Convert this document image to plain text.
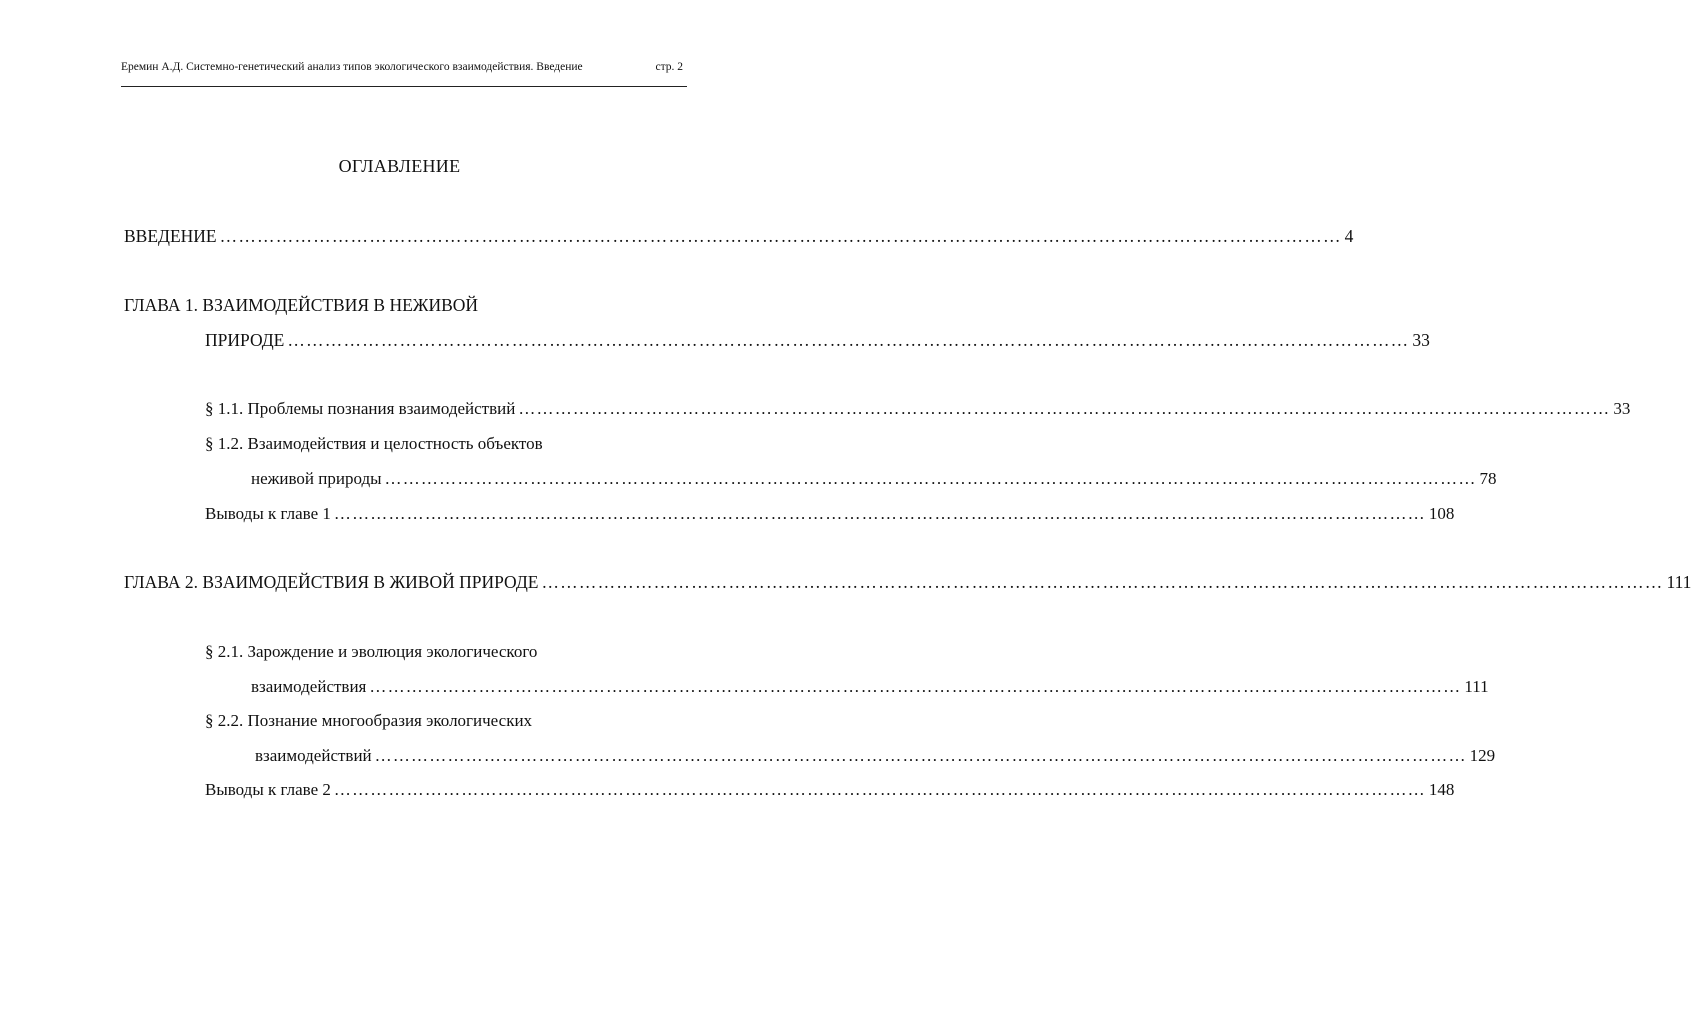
Еремин А.Д. Системно-генетический анализ типов экологического взаимодействия. Введение	стр. 2
ОГЛАВЛЕНИЕ
ВВЕДЕНИЕ ……………………………………………………………………………………………………………………………………………………………… 4
ГЛАВА 1. ВЗАИМОДЕЙСТВИЯ В НЕЖИВОЙ
ПРИРОДЕ ……………………………………………………………………………………………………………………………………………………………… 33
§ 1.1. Проблемы познания взаимодействий ……………………………………………………………………………………………………………………………………………………………… 33
§ 1.2. Взаимодействия и целостность объектов
неживой природы ……………………………………………………………………………………………………………………………………………………………… 78
Выводы к главе 1 ……………………………………………………………………………………………………………………………………………………………… 108
ГЛАВА 2. ВЗАИМОДЕЙСТВИЯ В ЖИВОЙ ПРИРОДЕ ……………………………………………………………………………………………………………………………………………………………… 111
§ 2.1. Зарождение и эволюция экологического
взаимодействия ……………………………………………………………………………………………………………………………………………………………… 111
§ 2.2. Познание многообразия экологических
взаимодействий ……………………………………………………………………………………………………………………………………………………………… 129
Выводы к главе 2 ……………………………………………………………………………………………………………………………………………………………… 148
